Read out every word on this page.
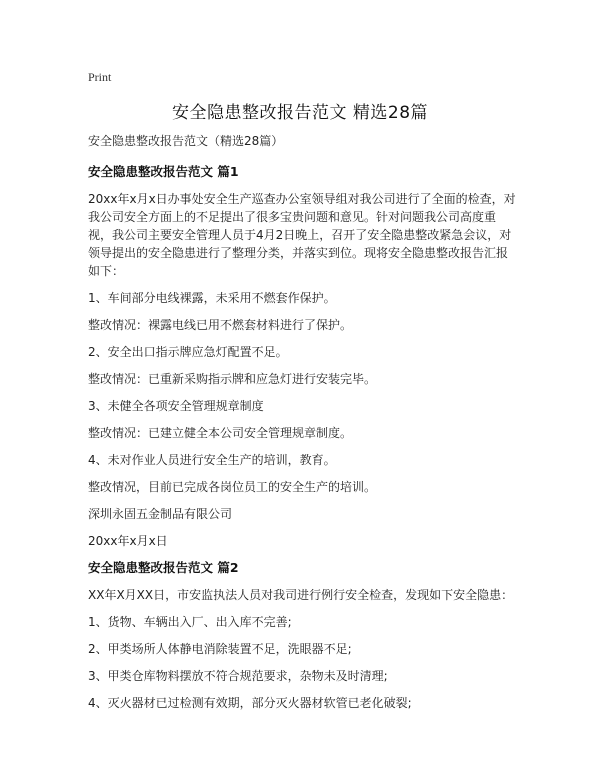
Print
安全隐患整改报告范文 精选28篇

安全隐患整改报告范文（精选28篇）

安全隐患整改报告范文 篇1

20xx年x月x日办事处安全生产巡查办公室领导组对我公司进行了全面的检查，对我公司安全方面上的不足提出了很多宝贵问题和意见。针对问题我公司高度重视，我公司主要安全管理人员于4月2日晚上，召开了安全隐患整改紧急会议，对领导提出的安全隐患进行了整理分类，并落实到位。现将安全隐患整改报告汇报如下：

1、车间部分电线裸露，未采用不燃套作保护。

整改情况：裸露电线已用不燃套材料进行了保护。

2、安全出口指示牌应急灯配置不足。

整改情况：已重新采购指示牌和应急灯进行安装完毕。

3、未健全各项安全管理规章制度

整改情况：已建立健全本公司安全管理规章制度。

4、未对作业人员进行安全生产的培训，教育。

整改情况，目前已完成各岗位员工的安全生产的培训。

深圳永固五金制品有限公司

20xx年x月x日

安全隐患整改报告范文 篇2

XX年X月XX日，市安监执法人员对我司进行例行安全检查，发现如下安全隐患：

1、货物、车辆出入厂、出入库不完善;

2、甲类场所人体静电消除装置不足，洗眼器不足;

3、甲类仓库物料摆放不符合规范要求，杂物未及时清理;

4、灭火器材已过检测有效期，部分灭火器材软管已老化破裂;
